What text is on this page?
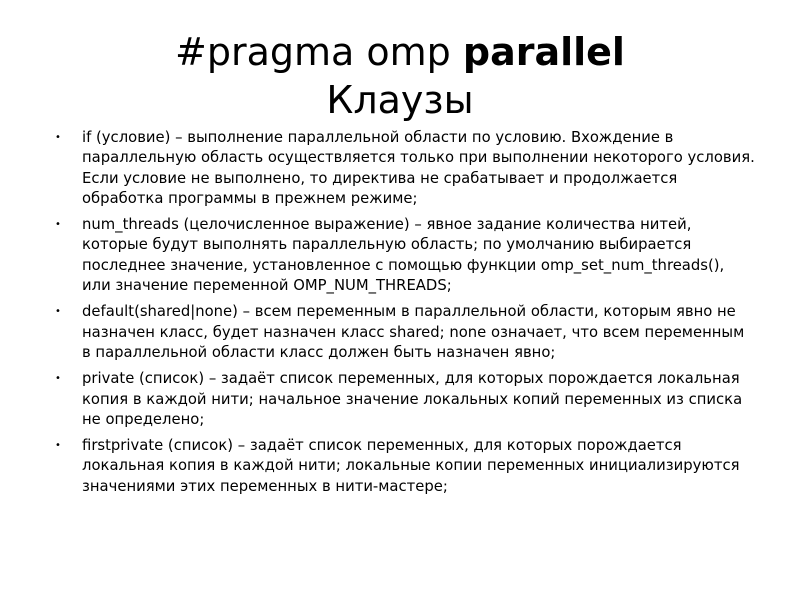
#pragma omp parallel
Клаузы
• if (условие) – выполнение параллельной области по условию. Вхождение в параллельную область осуществляется только при выполнении некоторого условия. Если условие не выполнено, то директива не срабатывает и продолжается обработка программы в прежнем режиме;
• num_threads (целочисленное выражение) – явное задание количества нитей, которые будут выполнять параллельную область; по умолчанию выбирается последнее значение, установленное с помощью функции omp_set_num_threads(), или значение переменной OMP_NUM_THREADS;
• default(shared|none) – всем переменным в параллельной области, которым явно не назначен класс, будет назначен класс shared; none означает, что всем переменным в параллельной области класс должен быть назначен явно;
• private (список) – задаёт список переменных, для которых порождается локальная копия в каждой нити; начальное значение локальных копий переменных из списка не определено;
• firstprivate (список) – задаёт список переменных, для которых порождается локальная копия в каждой нити; локальные копии переменных инициализируются значениями этих переменных в нити-мастере;
